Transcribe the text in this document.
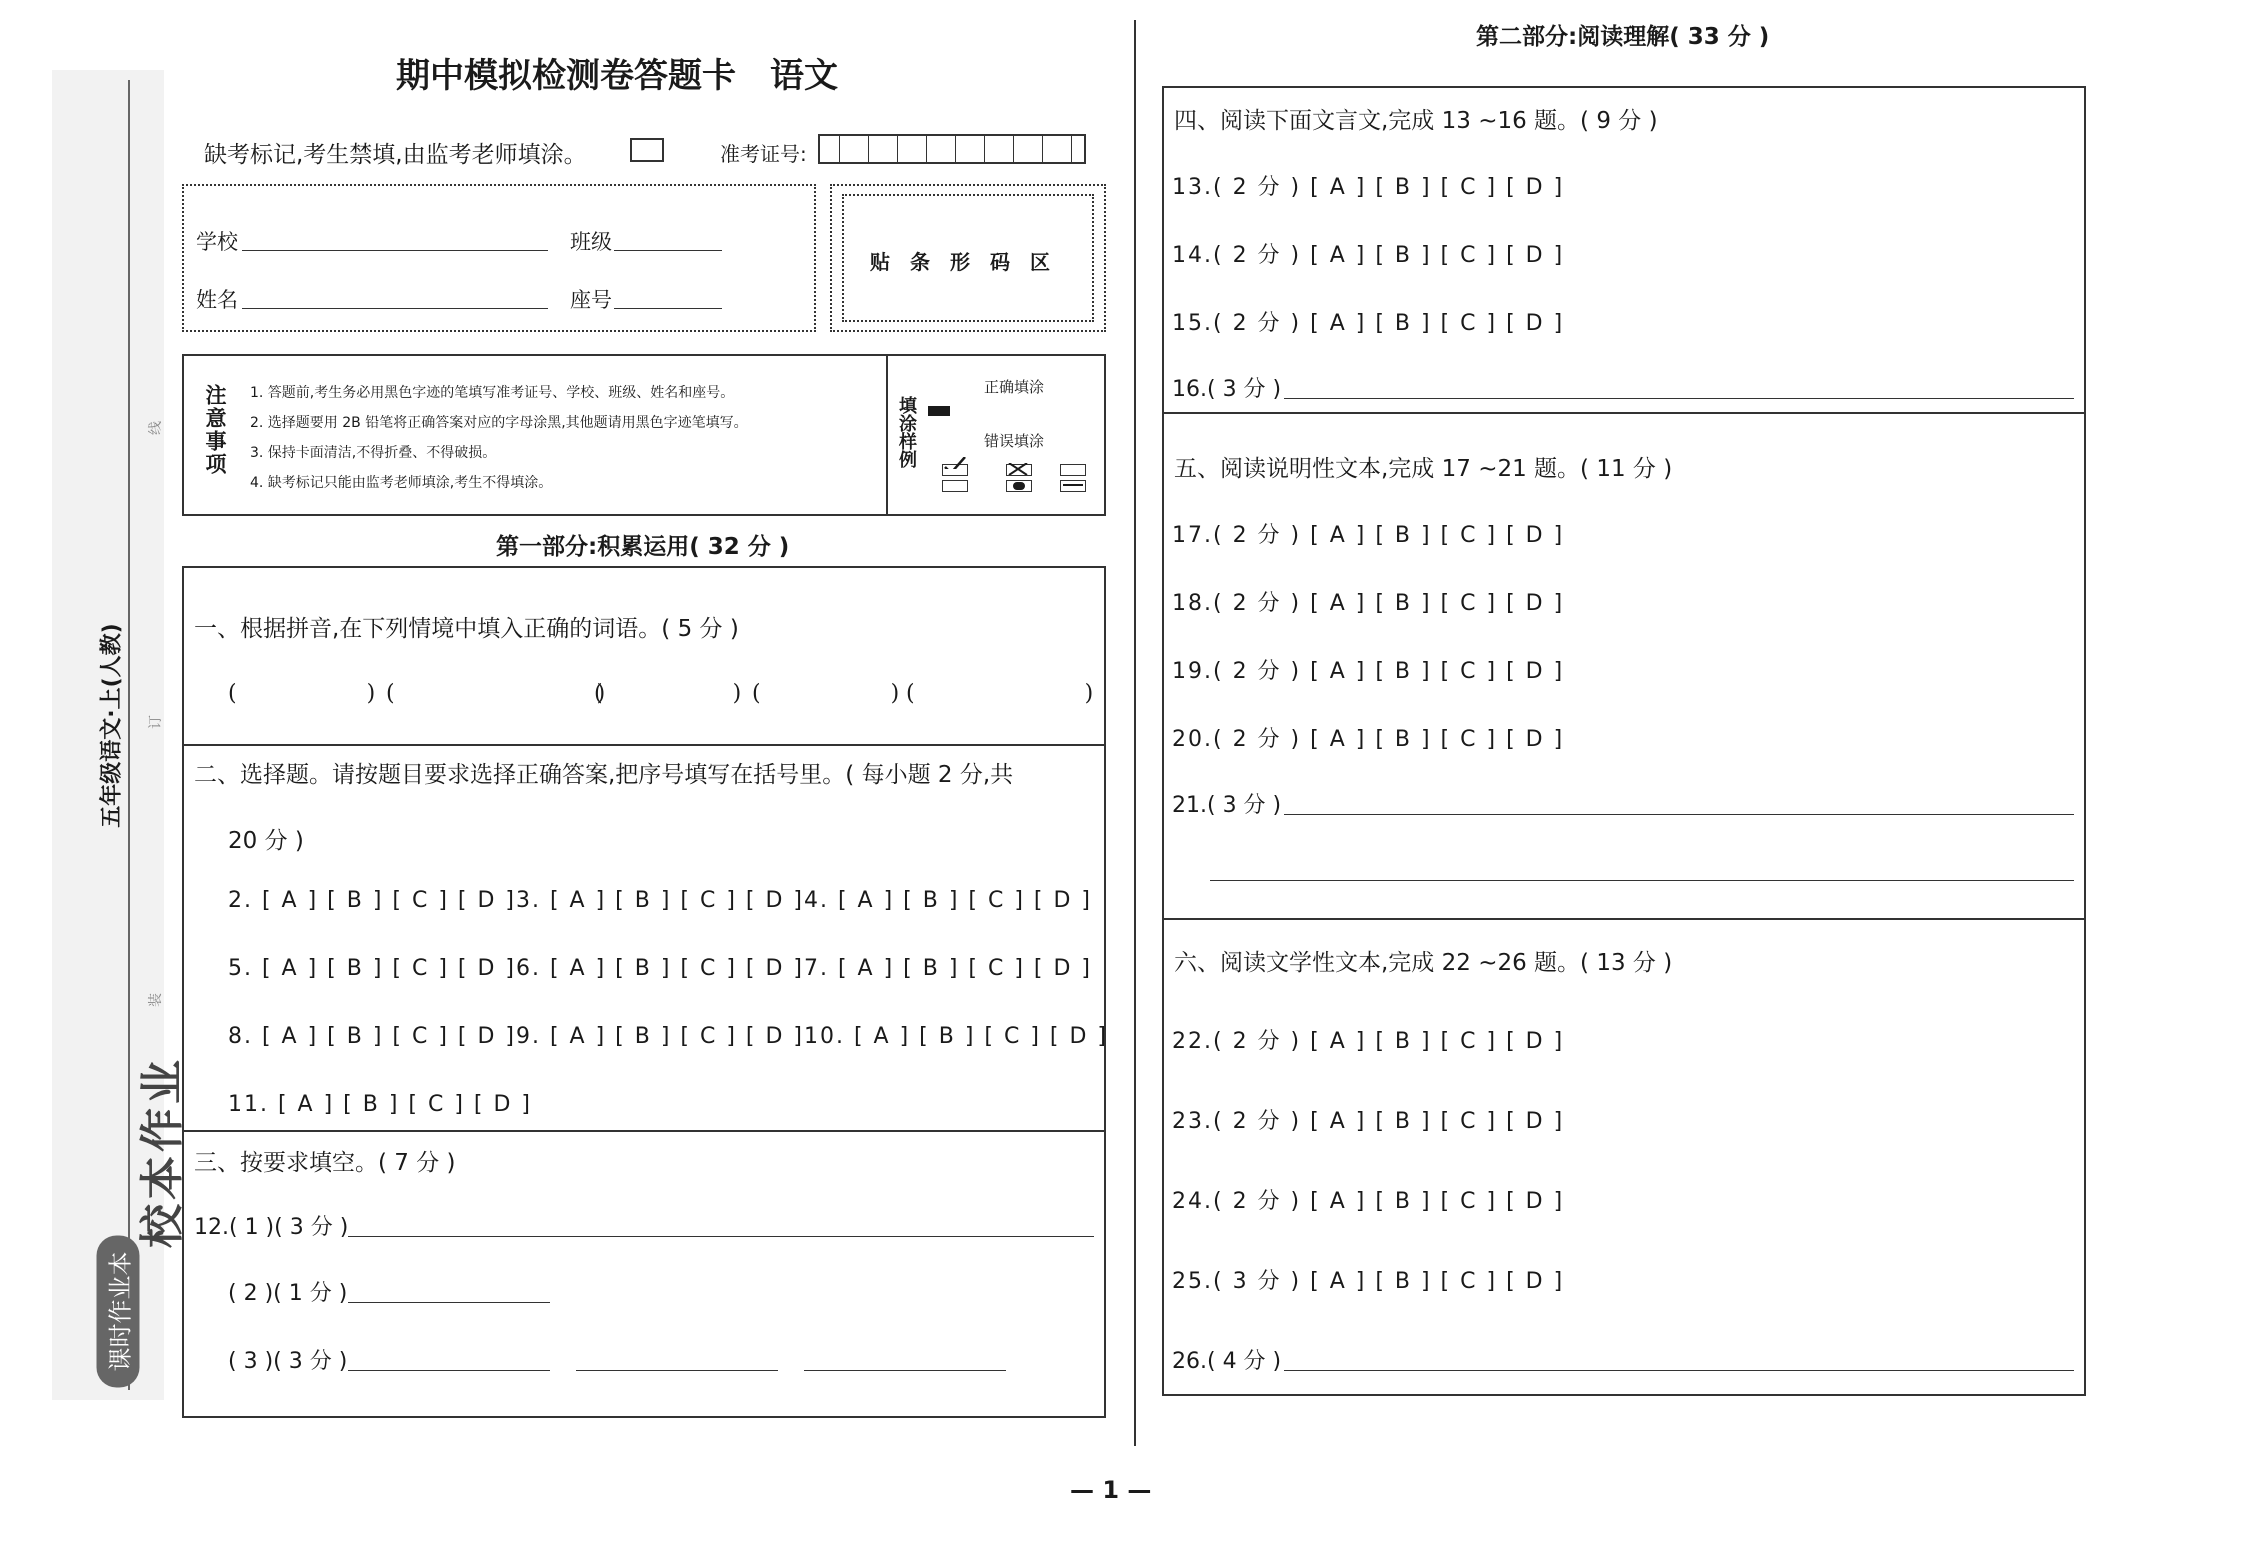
线
订
装
五年级语文·上(人教)
校本作业
课时作业本
期中模拟检测卷答题卡　语文
缺考标记,考生禁填,由监考老师填涂。	准考证号:
学校	班级
姓名	座号
贴　条　形　码　区
注意事项 1. 答题前,考生务必用黑色字迹的笔填写准考证号、学校、班级、姓名和座号。
2. 选择题要用 2B 铅笔将正确答案对应的字母涂黑,其他题请用黑色字迹笔填写。
3. 保持卡面清洁,不得折叠、不得破损。
4. 缺考标记只能由监考老师填涂,考生不得填涂。
填涂样例
正确填涂
错误填涂
第一部分:积累运用( 32 分 )
一、根据拼音,在下列情境中填入正确的词语。( 5 分 )
(　　　)
(　　　)
(　　　)
(　　　)
(　　　)
二、选择题。请按题目要求选择正确答案,把序号填写在括号里。( 每小题 2 分,共
20 分 )
2. [ A ] [ B ] [ C ] [ D ] 3. [ A ] [ B ] [ C ] [ D ] 4. [ A ] [ B ] [ C ] [ D ]
5. [ A ] [ B ] [ C ] [ D ] 6. [ A ] [ B ] [ C ] [ D ] 7. [ A ] [ B ] [ C ] [ D ]
8. [ A ] [ B ] [ C ] [ D ] 9. [ A ] [ B ] [ C ] [ D ] 10. [ A ] [ B ] [ C ] [ D ]
11. [ A ] [ B ] [ C ] [ D ]
三、按要求填空。( 7 分 )
12.( 1 )( 3 分 )
( 2 )( 1 分 )
( 3 )( 3 分 )
第二部分:阅读理解( 33 分 )
四、阅读下面文言文,完成 13 ~16 题。( 9 分 )
13.( 2 分 ) [ A ] [ B ] [ C ] [ D ]
14.( 2 分 ) [ A ] [ B ] [ C ] [ D ]
15.( 2 分 ) [ A ] [ B ] [ C ] [ D ]
16.( 3 分 )
五、阅读说明性文本,完成 17 ~21 题。( 11 分 )
17.( 2 分 ) [ A ] [ B ] [ C ] [ D ]
18.( 2 分 ) [ A ] [ B ] [ C ] [ D ]
19.( 2 分 ) [ A ] [ B ] [ C ] [ D ]
20.( 2 分 ) [ A ] [ B ] [ C ] [ D ]
21.( 3 分 )
六、阅读文学性文本,完成 22 ~26 题。( 13 分 )
22.( 2 分 ) [ A ] [ B ] [ C ] [ D ]
23.( 2 分 ) [ A ] [ B ] [ C ] [ D ]
24.( 2 分 ) [ A ] [ B ] [ C ] [ D ]
25.( 3 分 ) [ A ] [ B ] [ C ] [ D ]
26.( 4 分 )
— 1 —
